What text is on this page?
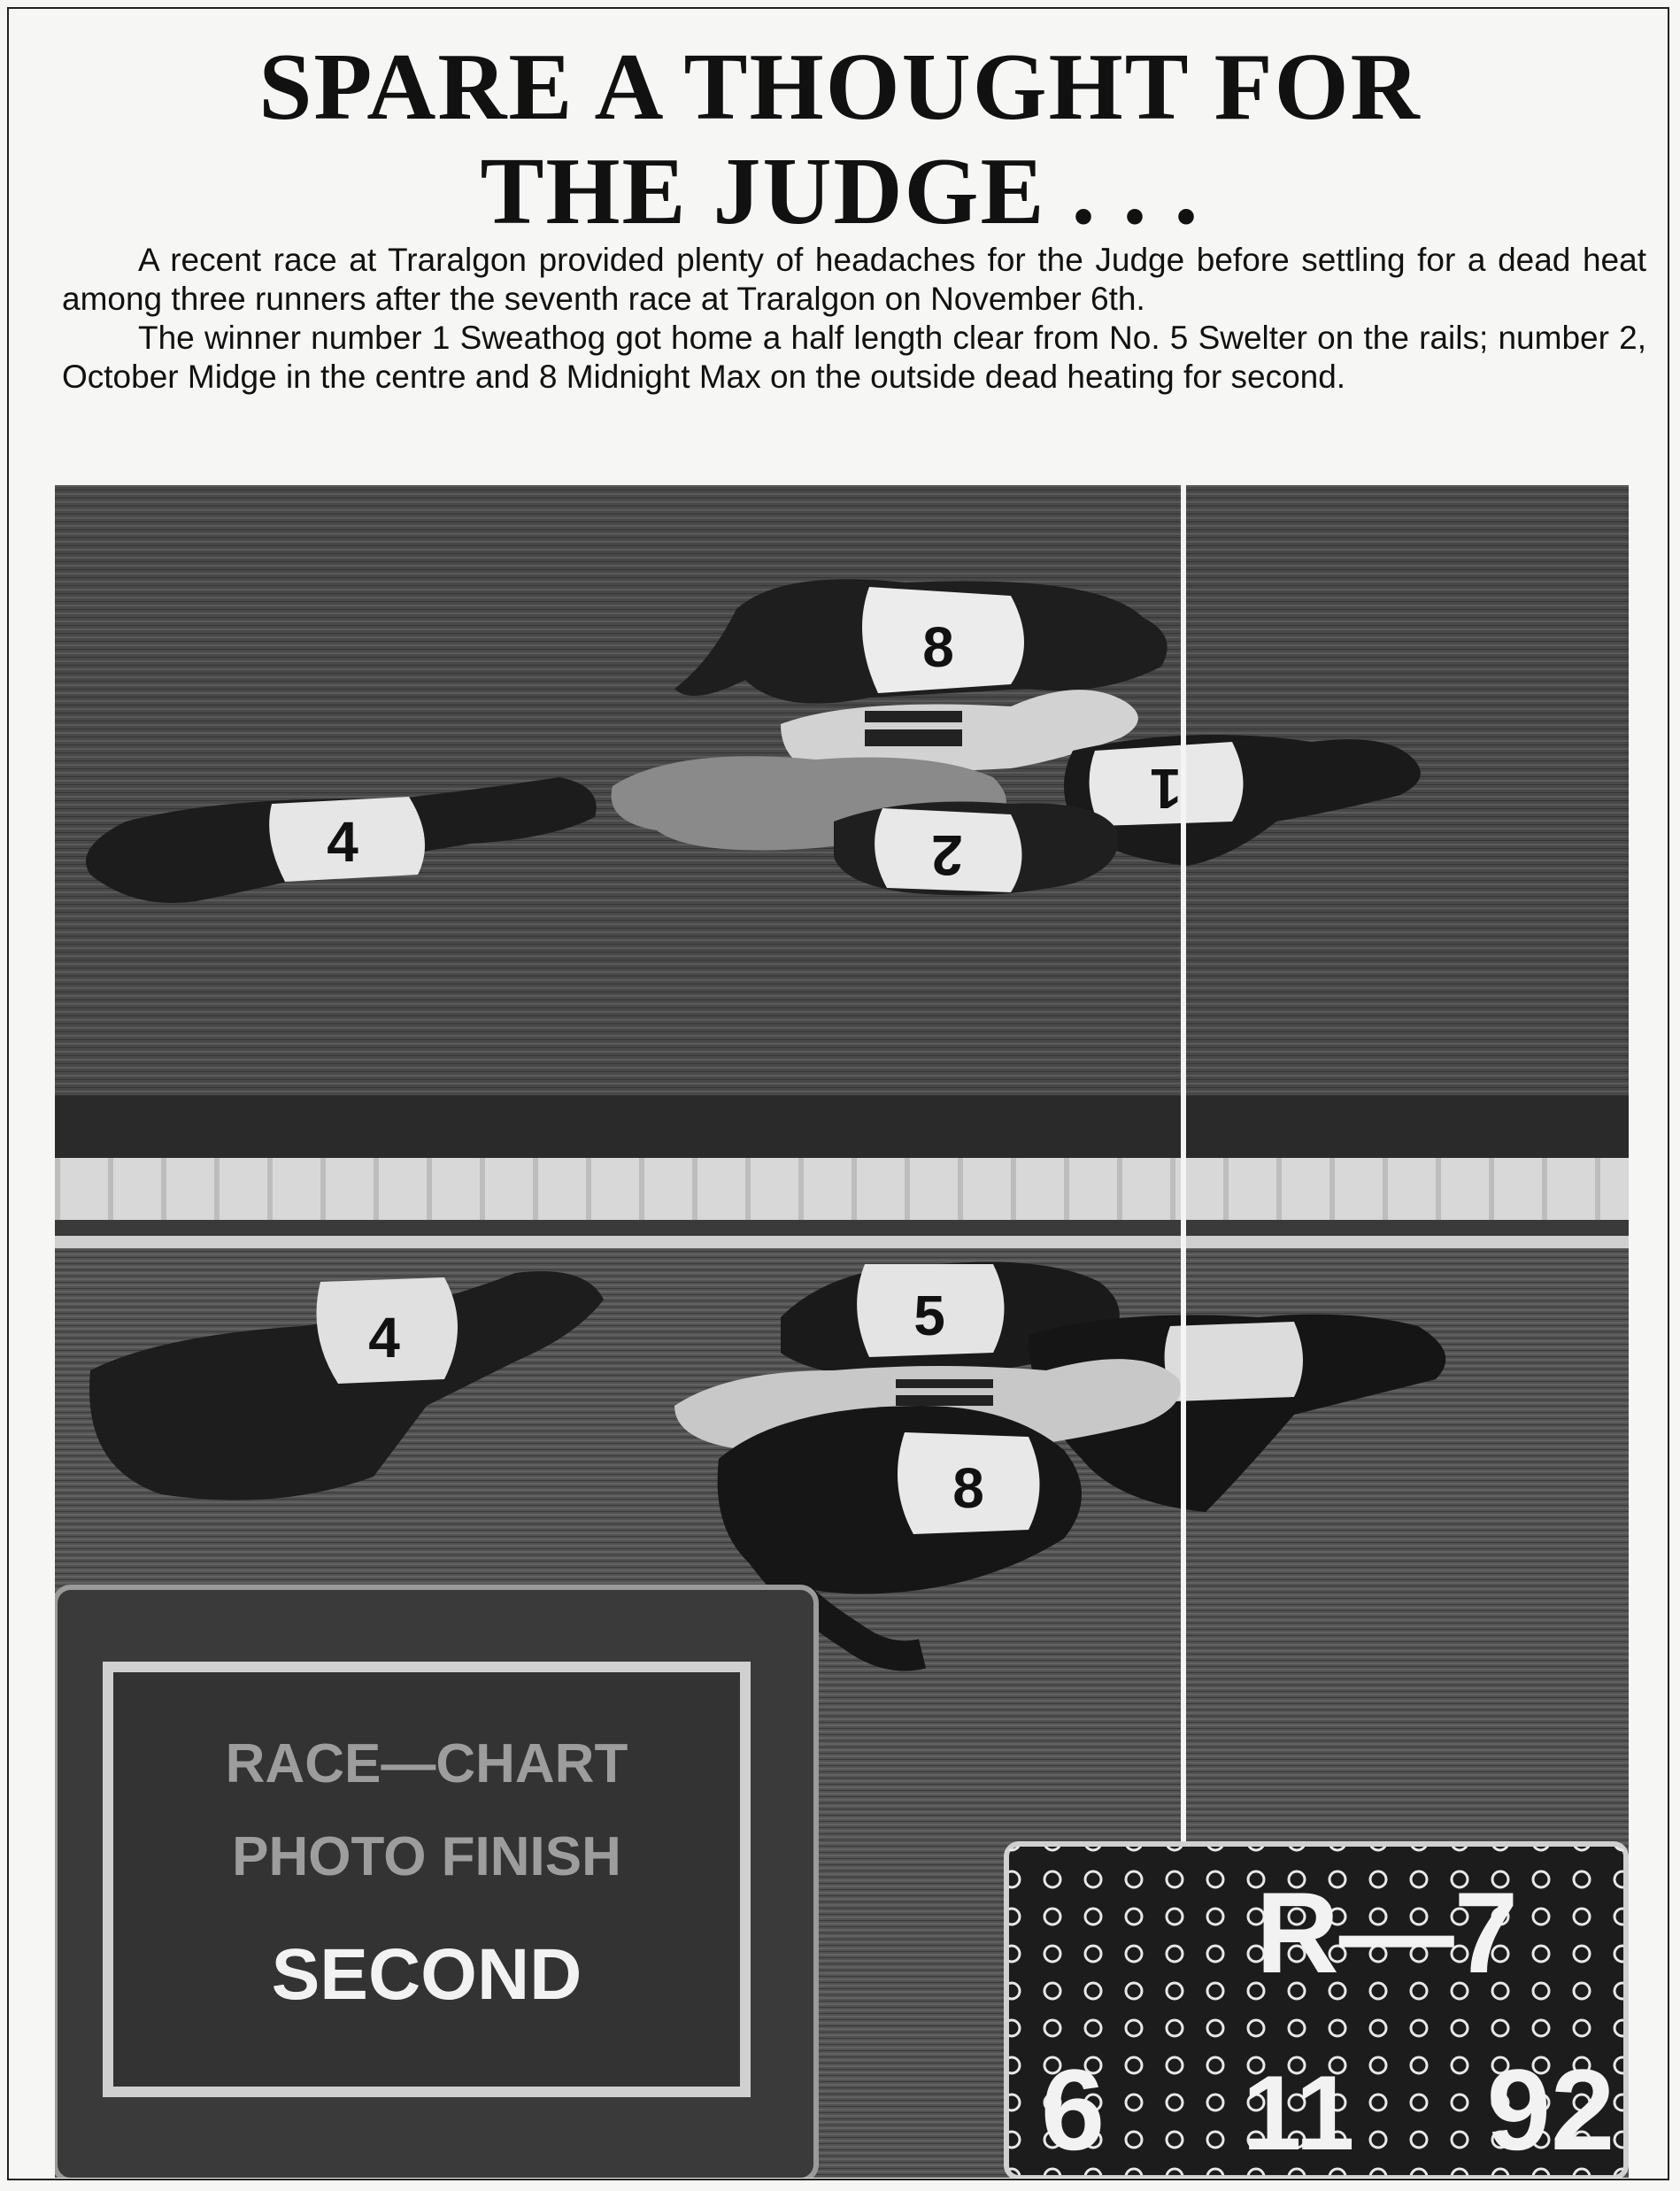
SPARE A THOUGHT FOR
THE JUDGE . . .

A recent race at Traralgon provided plenty of headaches for the Judge before settling for a dead heat among three runners after the seventh race at Traralgon on November 6th.

The winner number 1 Sweathog got home a half length clear from No. 5 Swelter on the rails; number 2, October Midge in the centre and 8 Midnight Max on the outside dead heating for second.

8
4
1
2
4	5
8
RACE—CHART
PHOTO FINISH
SECOND	R—7
6 11 92
